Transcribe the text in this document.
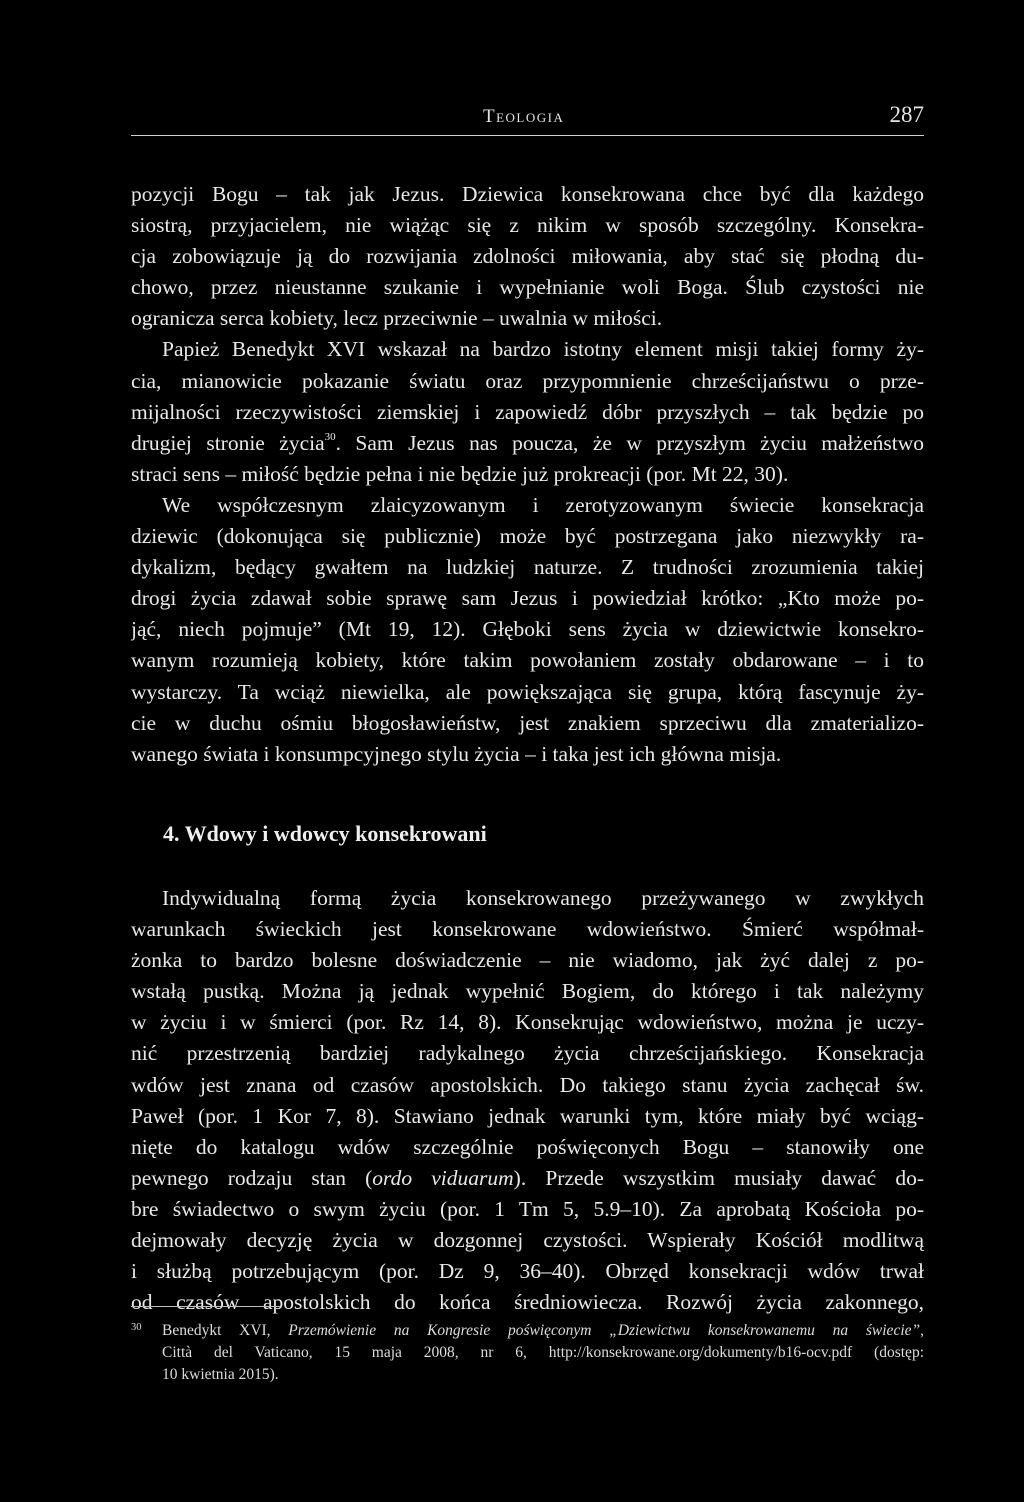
Teologia	287
pozycji Bogu – tak jak Jezus. Dziewica konsekrowana chce być dla każdego
siostrą, przyjacielem, nie wiążąc się z nikim w sposób szczególny. Konsekra-
cja zobowiązuje ją do rozwijania zdolności miłowania, aby stać się płodną du-
chowo, przez nieustanne szukanie i wypełnianie woli Boga. Ślub czystości nie
ogranicza serca kobiety, lecz przeciwnie – uwalnia w miłości.
Papież Benedykt XVI wskazał na bardzo istotny element misji takiej formy ży-
cia, mianowicie pokazanie światu oraz przypomnienie chrześcijaństwu o prze-
mijalności rzeczywistości ziemskiej i zapowiedź dóbr przyszłych – tak będzie po
drugiej stronie życia$^{30}$. Sam Jezus nas poucza, że w przyszłym życiu małżeństwo
straci sens – miłość będzie pełna i nie będzie już prokreacji (por. Mt 22, 30).
We współczesnym zlaicyzowanym i zerotyzowanym świecie konsekracja
dziewic (dokonująca się publicznie) może być postrzegana jako niezwykły ra-
dykalizm, będący gwałtem na ludzkiej naturze. Z trudności zrozumienia takiej
drogi życia zdawał sobie sprawę sam Jezus i powiedział krótko: „Kto może po-
jąć, niech pojmuje” (Mt 19, 12). Głęboki sens życia w dziewictwie konsekro-
wanym rozumieją kobiety, które takim powołaniem zostały obdarowane – i to
wystarczy. Ta wciąż niewielka, ale powiększająca się grupa, którą fascynuje ży-
cie w duchu ośmiu błogosławieństw, jest znakiem sprzeciwu dla zmaterializo-
wanego świata i konsumpcyjnego stylu życia – i taka jest ich główna misja.
4. Wdowy i wdowcy konsekrowani
Indywidualną formą życia konsekrowanego przeżywanego w zwykłych
warunkach świeckich jest konsekrowane wdowieństwo. Śmierć współmał-
żonka to bardzo bolesne doświadczenie – nie wiadomo, jak żyć dalej z po-
wstałą pustką. Można ją jednak wypełnić Bogiem, do którego i tak należymy
w życiu i w śmierci (por. Rz 14, 8). Konsekrując wdowieństwo, można je uczy-
nić przestrzenią bardziej radykalnego życia chrześcijańskiego. Konsekracja
wdów jest znana od czasów apostolskich. Do takiego stanu życia zachęcał św.
Paweł (por. 1 Kor 7, 8). Stawiano jednak warunki tym, które miały być wciąg-
nięte do katalogu wdów szczególnie poświęconych Bogu – stanowiły one
pewnego rodzaju stan (ordo viduarum). Przede wszystkim musiały dawać do-
bre świadectwo o swym życiu (por. 1 Tm 5, 5.9–10). Za aprobatą Kościoła po-
dejmowały decyzję życia w dozgonnej czystości. Wspierały Kościół modlitwą
i służbą potrzebującym (por. Dz 9, 36–40). Obrzęd konsekracji wdów trwał
od czasów apostolskich do końca średniowiecza. Rozwój życia zakonnego,
30	Benedykt XVI, Przemówienie na Kongresie poświęconym „Dziewictwu konsekrowanemu na świecie”,
Città del Vaticano, 15 maja 2008, nr 6, http://konsekrowane.org/dokumenty/b16-ocv.pdf (dostęp:
10 kwietnia 2015).
